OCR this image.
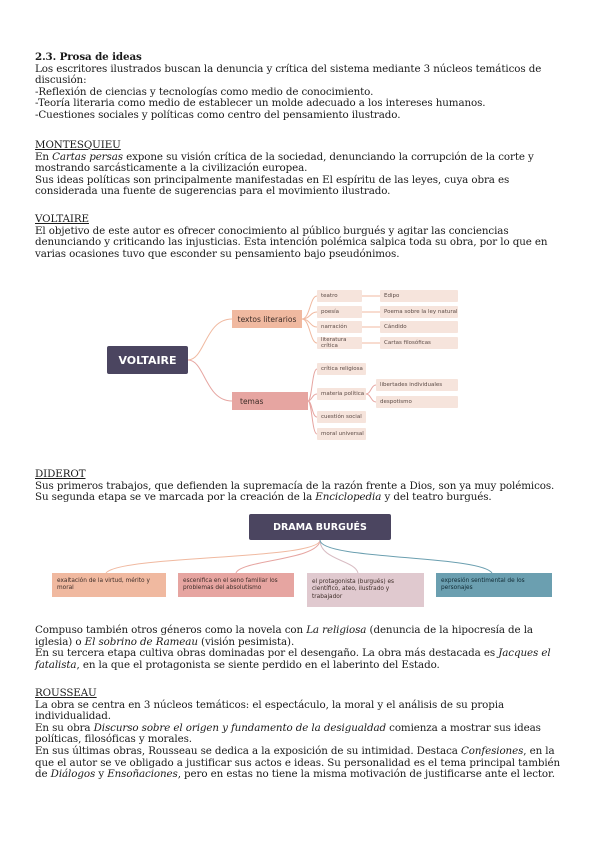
2.3. Prosa de ideas

Los escritores ilustrados buscan la denuncia y crítica del sistema mediante 3 núcleos temáticos de discusión:

-Reflexión de ciencias y tecnologías como medio de conocimiento.

-Teoría literaria como medio de establecer un molde adecuado a los intereses humanos.

-Cuestiones sociales y políticas como centro del pensamiento ilustrado.

MONTESQUIEU

En Cartas persas expone su visión crítica de la sociedad, denunciando la corrupción de la corte y mostrando sarcásticamente a la civilización europea.

Sus ideas políticas son principalmente manifestadas en El espíritu de las leyes, cuya obra es considerada una fuente de sugerencias para el movimiento ilustrado.

VOLTAIRE

El objetivo de este autor es ofrecer conocimiento al público burgués y agitar las conciencias denunciando y criticando las injusticias. Esta intención polémica salpica toda su obra, por lo que en varias ocasiones tuvo que esconder su pensamiento bajo pseudónimos.

VOLTAIRE
textos literarios
temas
teatro
poesía
narración
literatura crítica
Edipo
Poema sobre la ley natural
Cándido
Cartas filosóficas
crítica religiosa
materia política
cuestión social
moral universal
libertades individuales
despotismo

DIDEROT

Sus primeros trabajos, que defienden la supremacía de la razón frente a Dios, son ya muy polémicos.

Su segunda etapa se ve marcada por la creación de la Enciclopedia y del teatro burgués.

DRAMA BURGUÉS
exaltación de la virtud, mérito y moral
escenifica en el seno familiar los problemas del absolutismo
el protagonista (burgués) es científico, ateo, ilustrado y trabajador
expresión sentimental de los personajes

Compuso también otros géneros como la novela con La religiosa (denuncia de la hipocresía de la iglesia) o El sobrino de Rameau (visión pesimista).

En su tercera etapa cultiva obras dominadas por el desengaño. La obra más destacada es Jacques el fatalista, en la que el protagonista se siente perdido en el laberinto del Estado.

ROUSSEAU

La obra se centra en 3 núcleos temáticos: el espectáculo, la moral y el análisis de su propia individualidad.

En su obra Discurso sobre el origen y fundamento de la desigualdad comienza a mostrar sus ideas políticas, filosóficas y morales.

En sus últimas obras, Rousseau se dedica a la exposición de su intimidad. Destaca Confesiones, en la que el autor se ve obligado a justificar sus actos e ideas. Su personalidad es el tema principal también de Diálogos y Ensoñaciones, pero en estas no tiene la misma motivación de justificarse ante el lector.
